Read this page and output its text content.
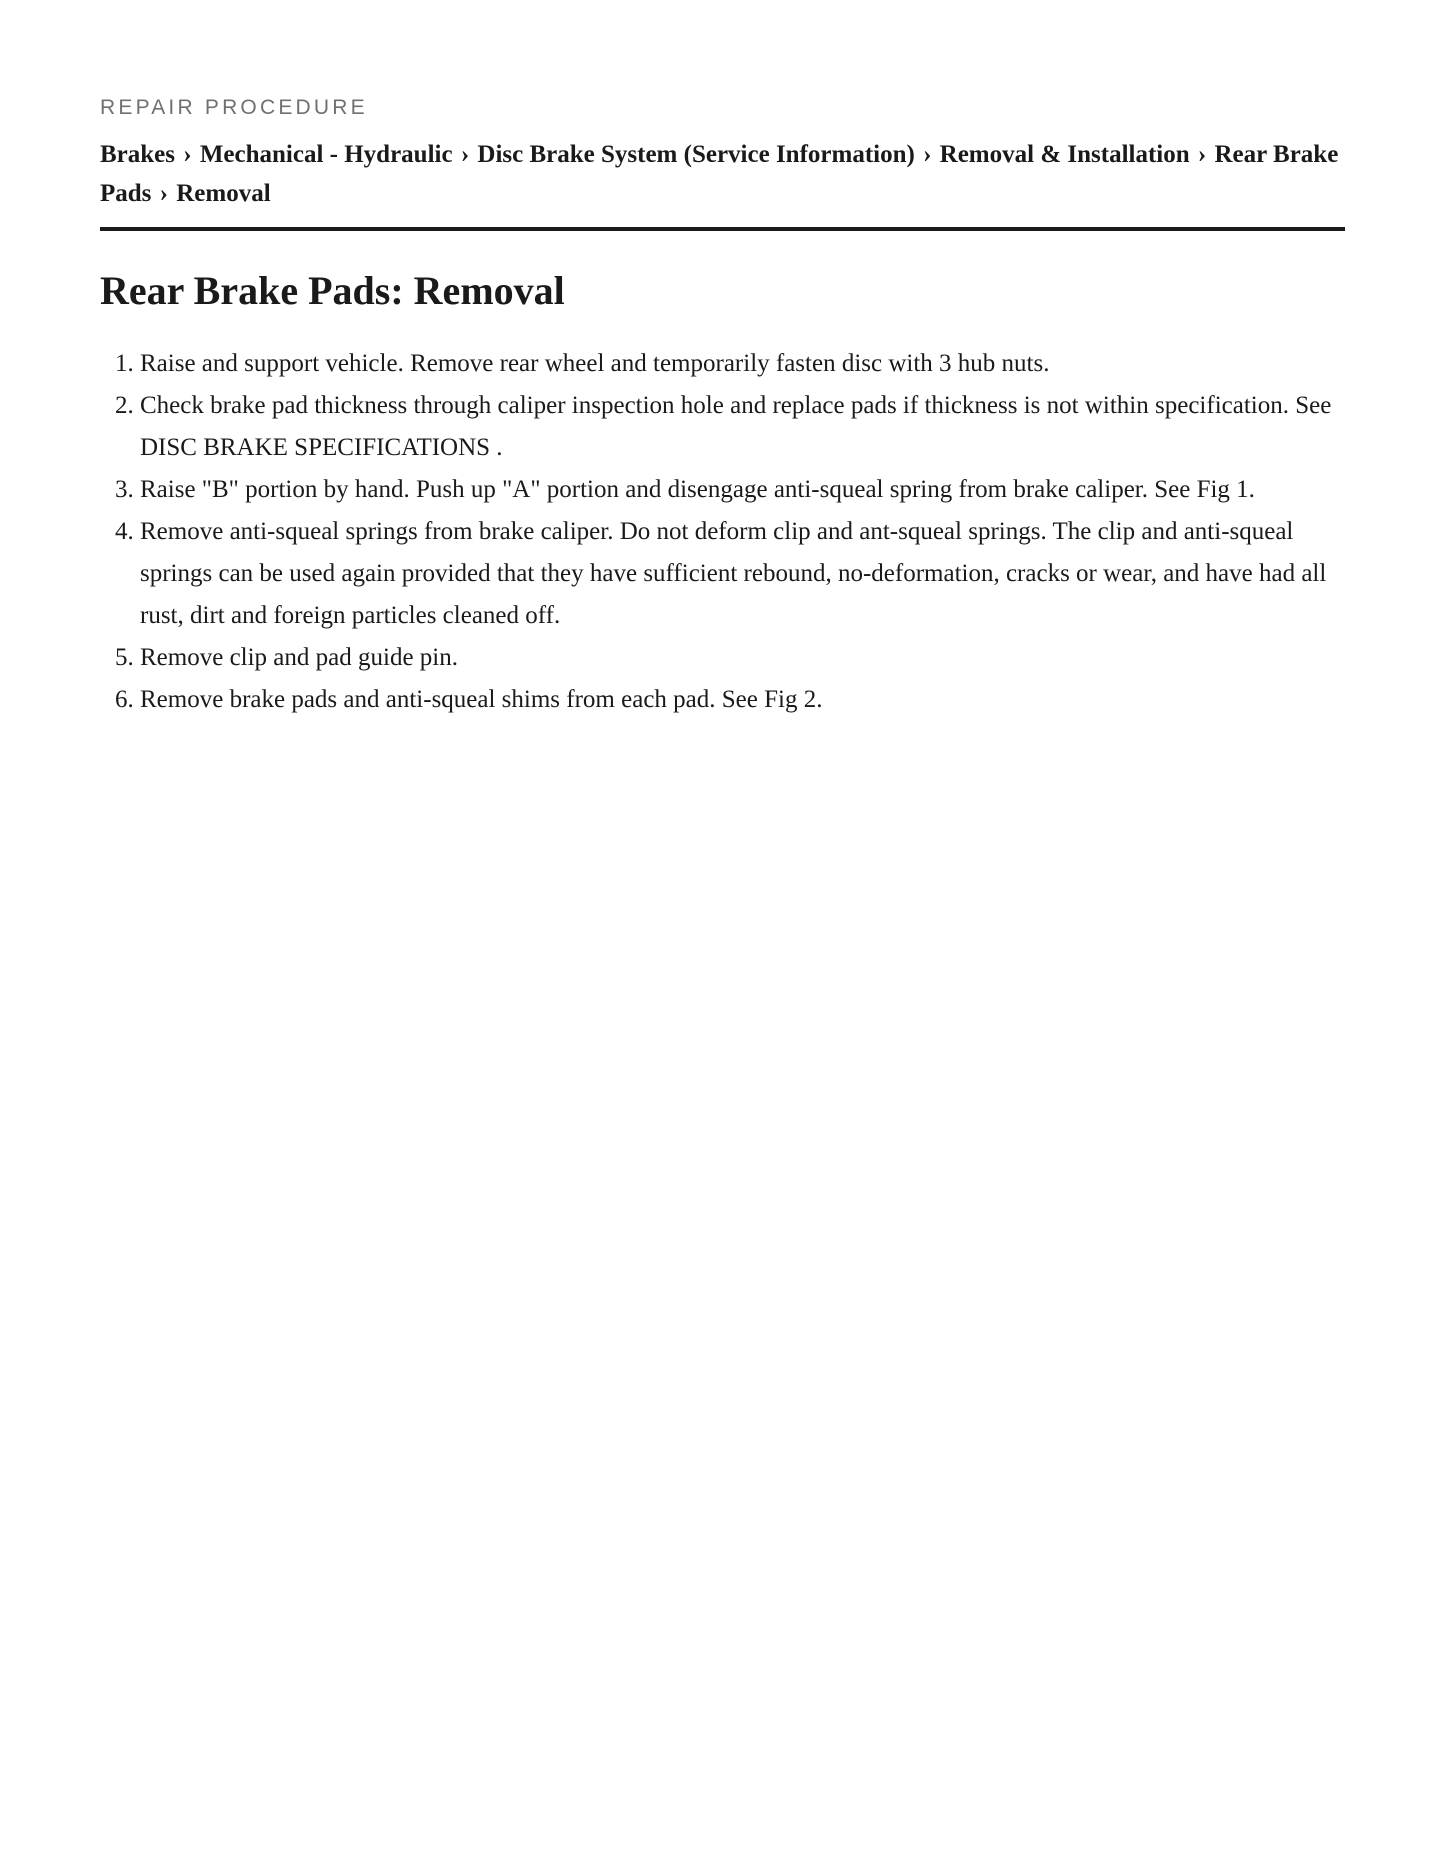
REPAIR PROCEDURE
Brakes › Mechanical - Hydraulic › Disc Brake System (Service Information) › Removal & Installation › Rear Brake Pads › Removal
Rear Brake Pads: Removal
1. Raise and support vehicle. Remove rear wheel and temporarily fasten disc with 3 hub nuts.
2. Check brake pad thickness through caliper inspection hole and replace pads if thickness is not within specification. See DISC BRAKE SPECIFICATIONS .
3. Raise "B" portion by hand. Push up "A" portion and disengage anti-squeal spring from brake caliper. See Fig 1.
4. Remove anti-squeal springs from brake caliper. Do not deform clip and ant-squeal springs. The clip and anti-squeal springs can be used again provided that they have sufficient rebound, no-deformation, cracks or wear, and have had all rust, dirt and foreign particles cleaned off.
5. Remove clip and pad guide pin.
6. Remove brake pads and anti-squeal shims from each pad. See Fig 2.
